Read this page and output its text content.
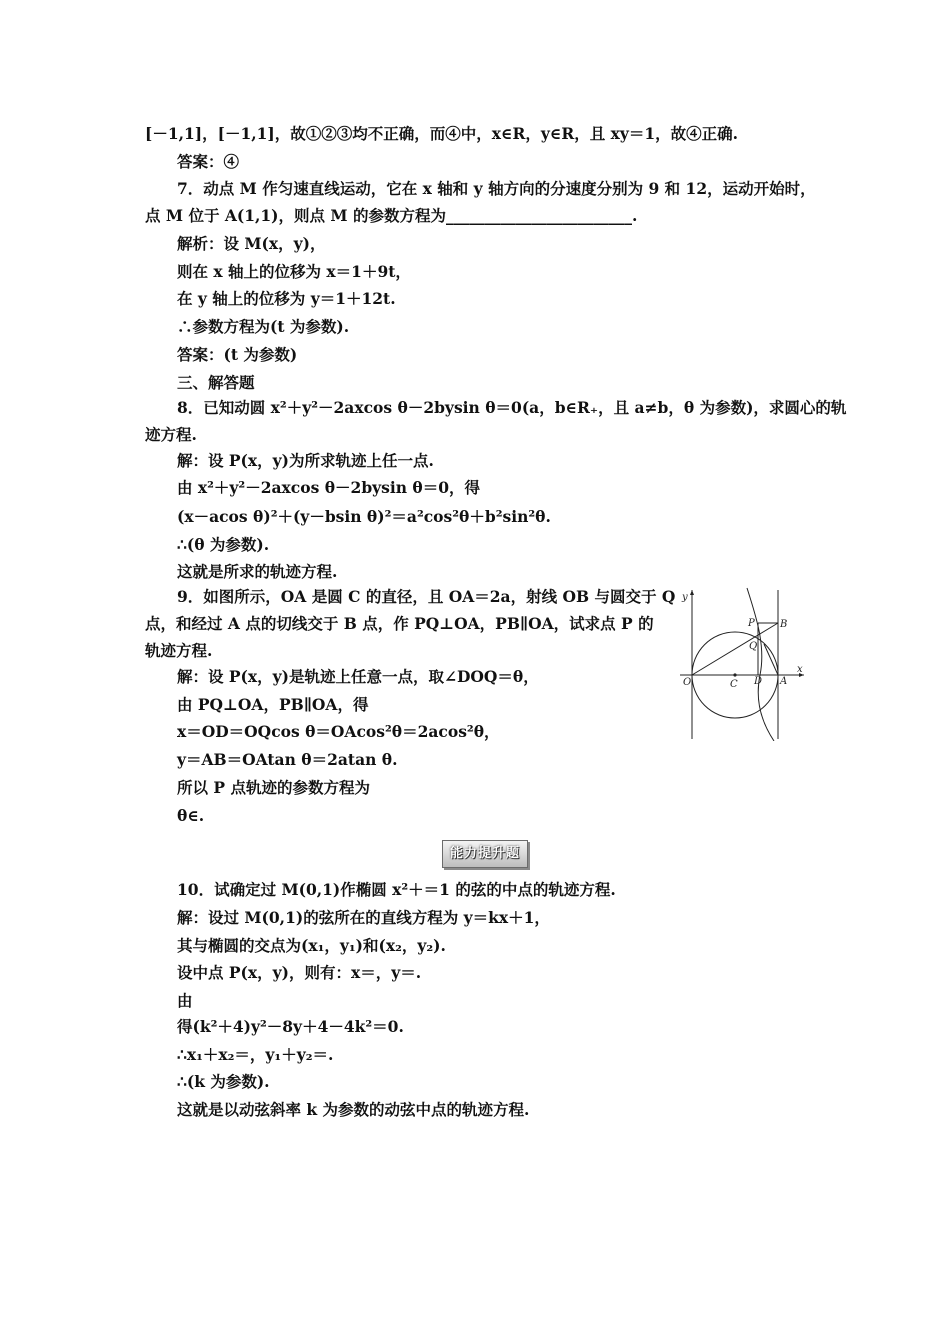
[－1,1]，[－1,1]，故①②③均不正确，而④中，x∈R，y∈R，且 xy＝1，故④正确.
答案：④
7．动点 M 作匀速直线运动，它在 x 轴和 y 轴方向的分速度分别为 9 和 12，运动开始时，
点 M 位于 A(1,1)，则点 M 的参数方程为________________________.
解析：设 M(x，y)，
则在 x 轴上的位移为 x＝1＋9t，
在 y 轴上的位移为 y＝1＋12t.
∴参数方程为(t 为参数).
答案：(t 为参数)
三、解答题
8．已知动圆 x²＋y²－2axcos θ－2bysin θ＝0(a，b∈R₊，且 a≠b，θ 为参数)，求圆心的轨
迹方程.
解：设 P(x，y)为所求轨迹上任一点.
由 x²＋y²－2axcos θ－2bysin θ＝0，得
(x－acos θ)²＋(y－bsin θ)²＝a²cos²θ＋b²sin²θ.
∴(θ 为参数).
这就是所求的轨迹方程.
9．如图所示，OA 是圆 C 的直径，且 OA＝2a，射线 OB 与圆交于 Q
点，和经过 A 点的切线交于 B 点，作 PQ⊥OA，PB∥OA，试求点 P 的
轨迹方程.
解：设 P(x，y)是轨迹上任意一点，取∠DOQ＝θ，
由 PQ⊥OA，PB∥OA，得
x＝OD＝OQcos θ＝OAcos²θ＝2acos²θ，
y＝AB＝OAtan θ＝2atan θ.
所以 P 点轨迹的参数方程为
θ∈.
能力提升题
10．试确定过 M(0,1)作椭圆 x²＋＝1 的弦的中点的轨迹方程.
解：设过 M(0,1)的弦所在的直线方程为 y＝kx＋1，
其与椭圆的交点为(x₁，y₁)和(x₂，y₂).
设中点 P(x，y)，则有：x＝，y＝.
由
得(k²＋4)y²－8y＋4－4k²＝0.
∴x₁＋x₂＝，y₁＋y₂＝.
∴(k 为参数).
这就是以动弦斜率 k 为参数的动弦中点的轨迹方程.
y
x
O	C D A
P
Q
B
